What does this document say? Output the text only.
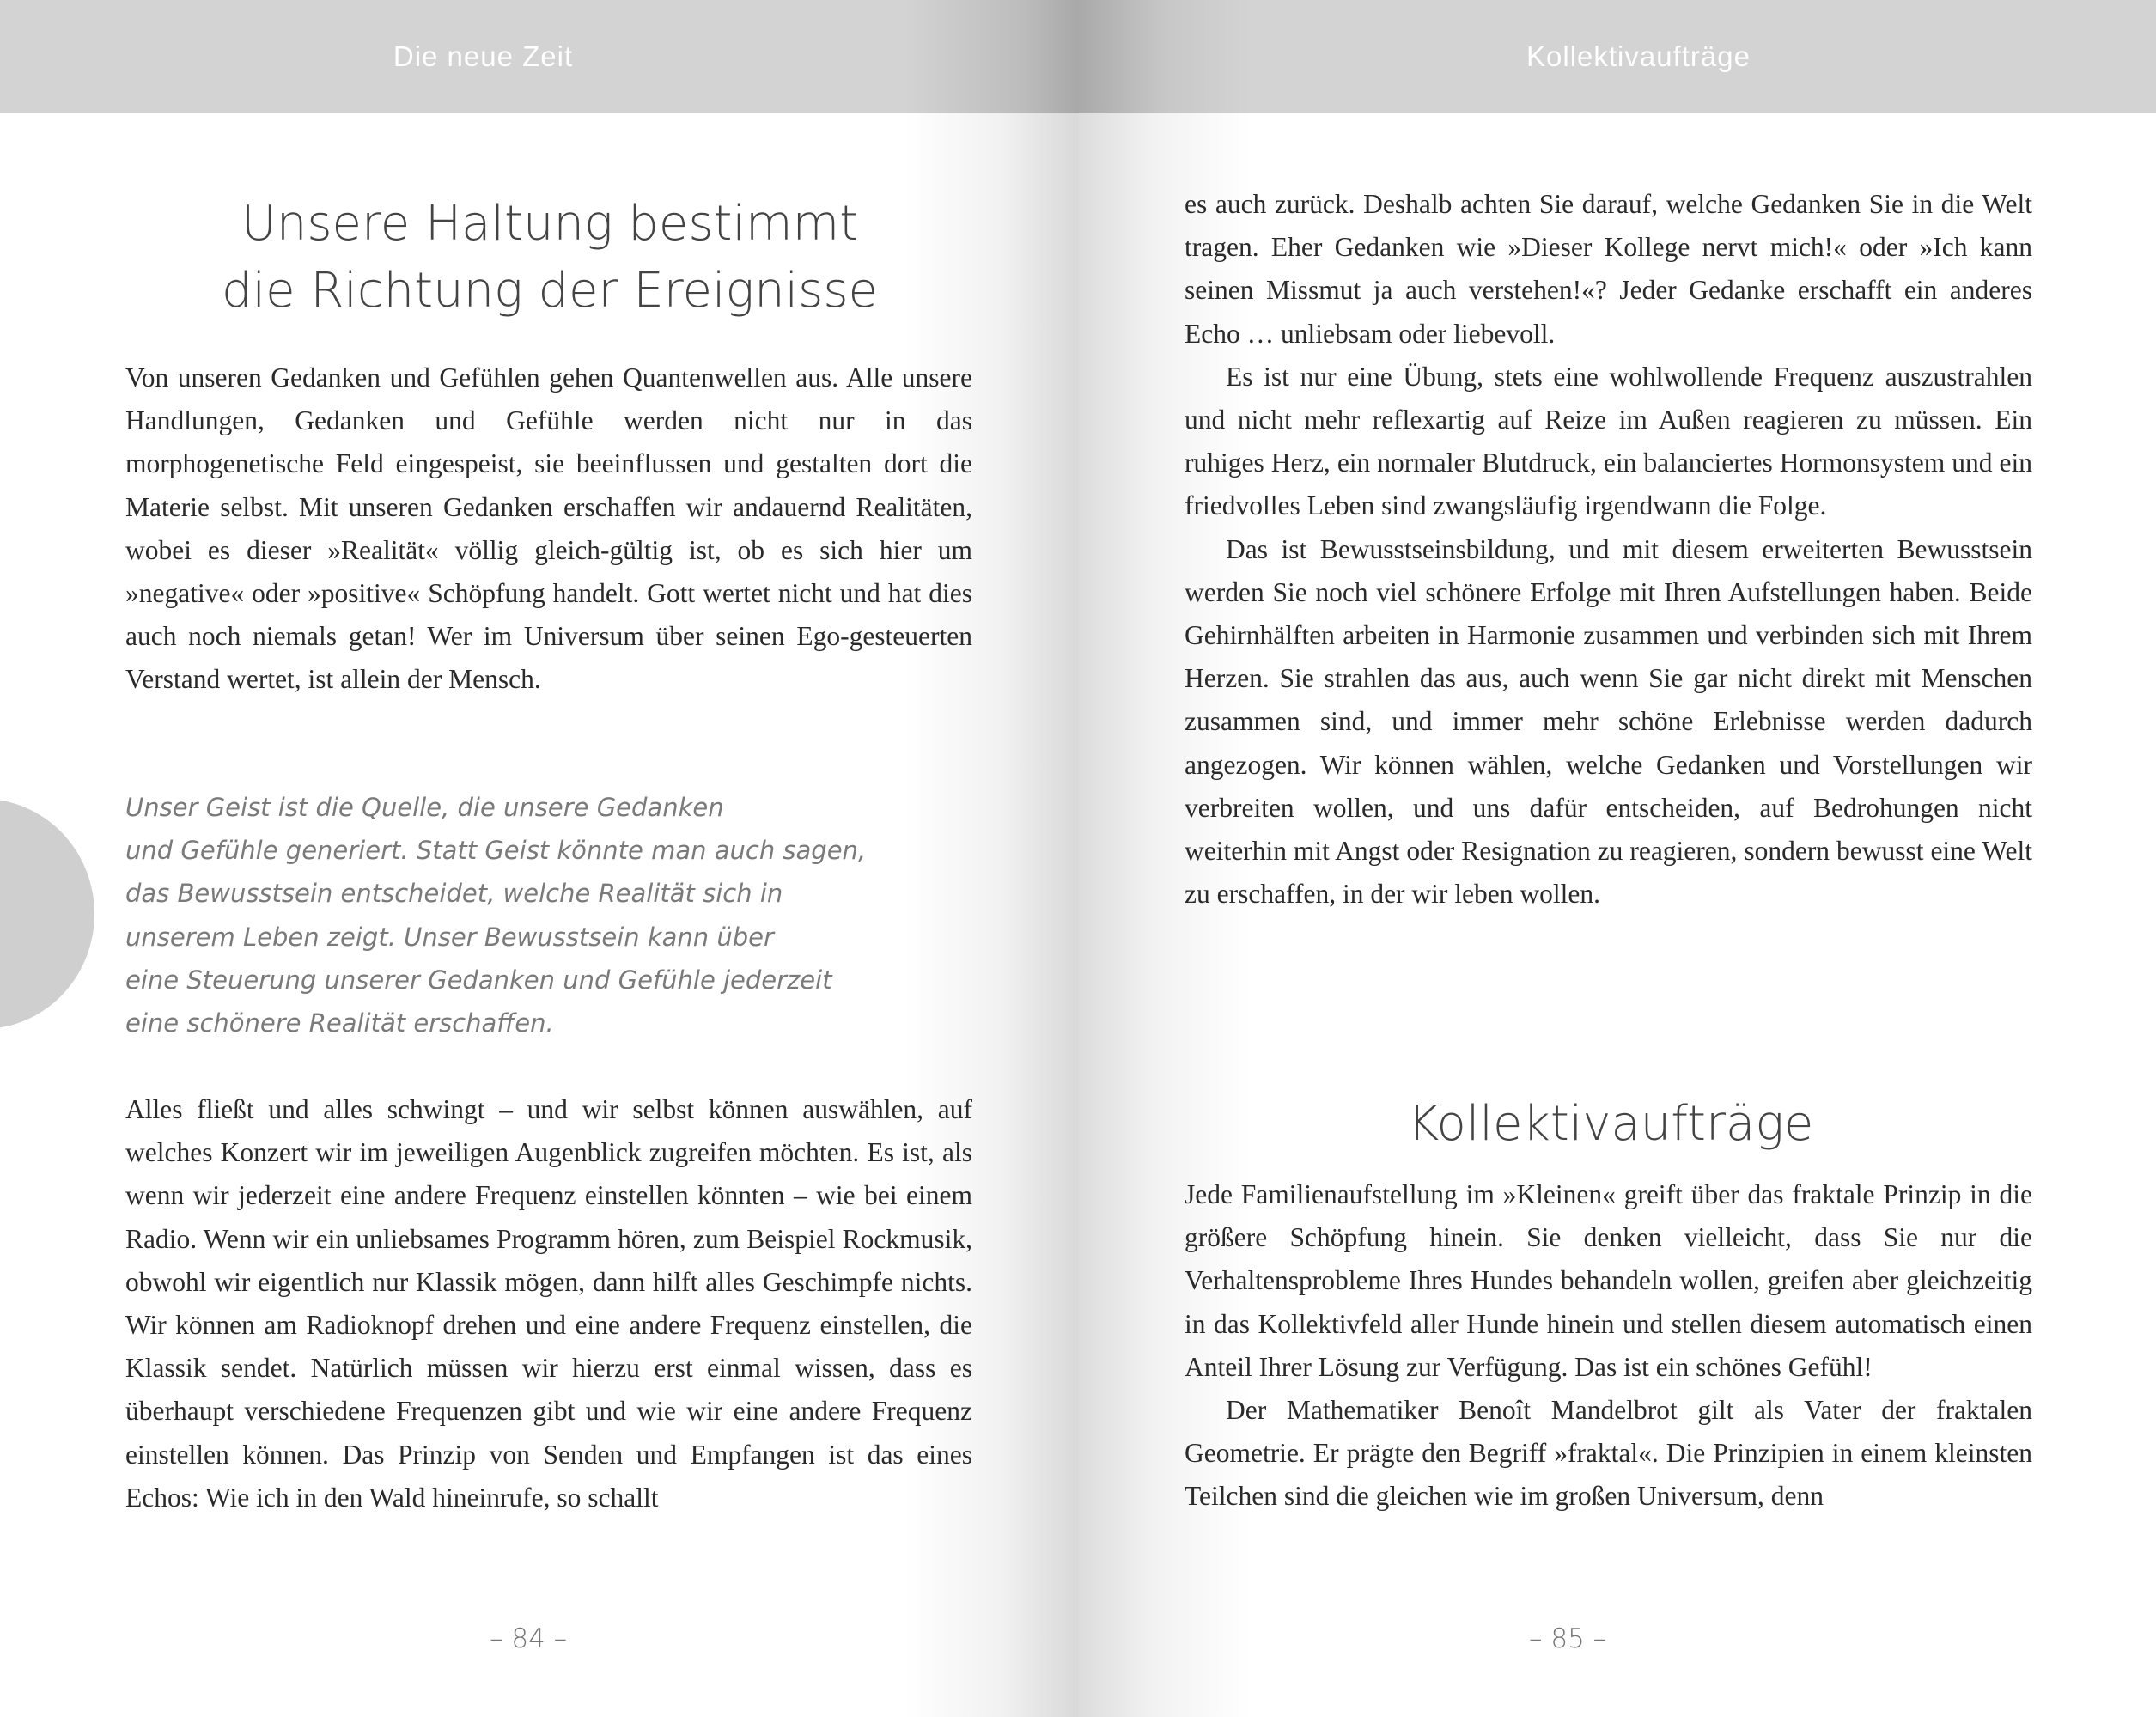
Die neue Zeit
Unsere Haltung bestimmt
die Richtung der Ereignisse

Von unseren Gedanken und Gefühlen gehen Quantenwellen aus. Alle unsere Handlungen, Gedanken und Gefühle werden nicht nur in das morphogenetische Feld eingespeist, sie beeinflussen und gestalten dort die Materie selbst. Mit unseren Gedanken erschaffen wir andauernd Realitäten, wobei es dieser »Realität« völlig gleich-gültig ist, ob es sich hier um »negative« oder »positive« Schöpfung handelt. Gott wertet nicht und hat dies auch noch niemals getan! Wer im Universum über seinen Ego-gesteuerten Verstand wertet, ist allein der Mensch.

Unser Geist ist die Quelle, die unsere Gedanken
und Gefühle generiert. Statt Geist könnte man auch sagen,
das Bewusstsein entscheidet, welche Realität sich in
unserem Leben zeigt. Unser Bewusstsein kann über
eine Steuerung unserer Gedanken und Gefühle jederzeit
eine schönere Realität erschaffen.

Alles fließt und alles schwingt – und wir selbst können auswählen, auf welches Konzert wir im jeweiligen Augenblick zugreifen möchten. Es ist, als wenn wir jederzeit eine andere Frequenz einstellen könnten – wie bei einem Radio. Wenn wir ein unliebsames Programm hören, zum Beispiel Rockmusik, obwohl wir eigentlich nur Klassik mögen, dann hilft alles Geschimpfe nichts. Wir können am Radioknopf drehen und eine andere Frequenz einstellen, die Klassik sendet. Natürlich müssen wir hierzu erst einmal wissen, dass es überhaupt verschiedene Frequenzen gibt und wie wir eine andere Frequenz einstellen können. Das Prinzip von Senden und Empfangen ist das eines Echos: Wie ich in den Wald hineinrufe, so schallt

– 84 –
Kollektivaufträge

es auch zurück. Deshalb achten Sie darauf, welche Gedanken Sie in die Welt tragen. Eher Gedanken wie »Dieser Kollege nervt mich!« oder »Ich kann seinen Missmut ja auch verstehen!«? Jeder Gedanke erschafft ein anderes Echo … unliebsam oder liebevoll.

Es ist nur eine Übung, stets eine wohlwollende Frequenz auszustrahlen und nicht mehr reflexartig auf Reize im Außen reagieren zu müssen. Ein ruhiges Herz, ein normaler Blutdruck, ein balanciertes Hormonsystem und ein friedvolles Leben sind zwangsläufig irgendwann die Folge.

Das ist Bewusstseinsbildung, und mit diesem erweiterten Bewusstsein werden Sie noch viel schönere Erfolge mit Ihren Aufstellungen haben. Beide Gehirnhälften arbeiten in Harmonie zusammen und verbinden sich mit Ihrem Herzen. Sie strahlen das aus, auch wenn Sie gar nicht direkt mit Menschen zusammen sind, und immer mehr schöne Erlebnisse werden dadurch angezogen. Wir können wählen, welche Gedanken und Vorstellungen wir verbreiten wollen, und uns dafür entscheiden, auf Bedrohungen nicht weiterhin mit Angst oder Resignation zu reagieren, sondern bewusst eine Welt zu erschaffen, in der wir leben wollen.

Kollektivaufträge

Jede Familienaufstellung im »Kleinen« greift über das fraktale Prinzip in die größere Schöpfung hinein. Sie denken vielleicht, dass Sie nur die Verhaltensprobleme Ihres Hundes behandeln wollen, greifen aber gleichzeitig in das Kollektivfeld aller Hunde hinein und stellen diesem automatisch einen Anteil Ihrer Lösung zur Verfügung. Das ist ein schönes Gefühl!

Der Mathematiker Benoît Mandelbrot gilt als Vater der fraktalen Geometrie. Er prägte den Begriff »fraktal«. Die Prinzipien in einem kleinsten Teilchen sind die gleichen wie im großen Universum, denn

– 85 –
